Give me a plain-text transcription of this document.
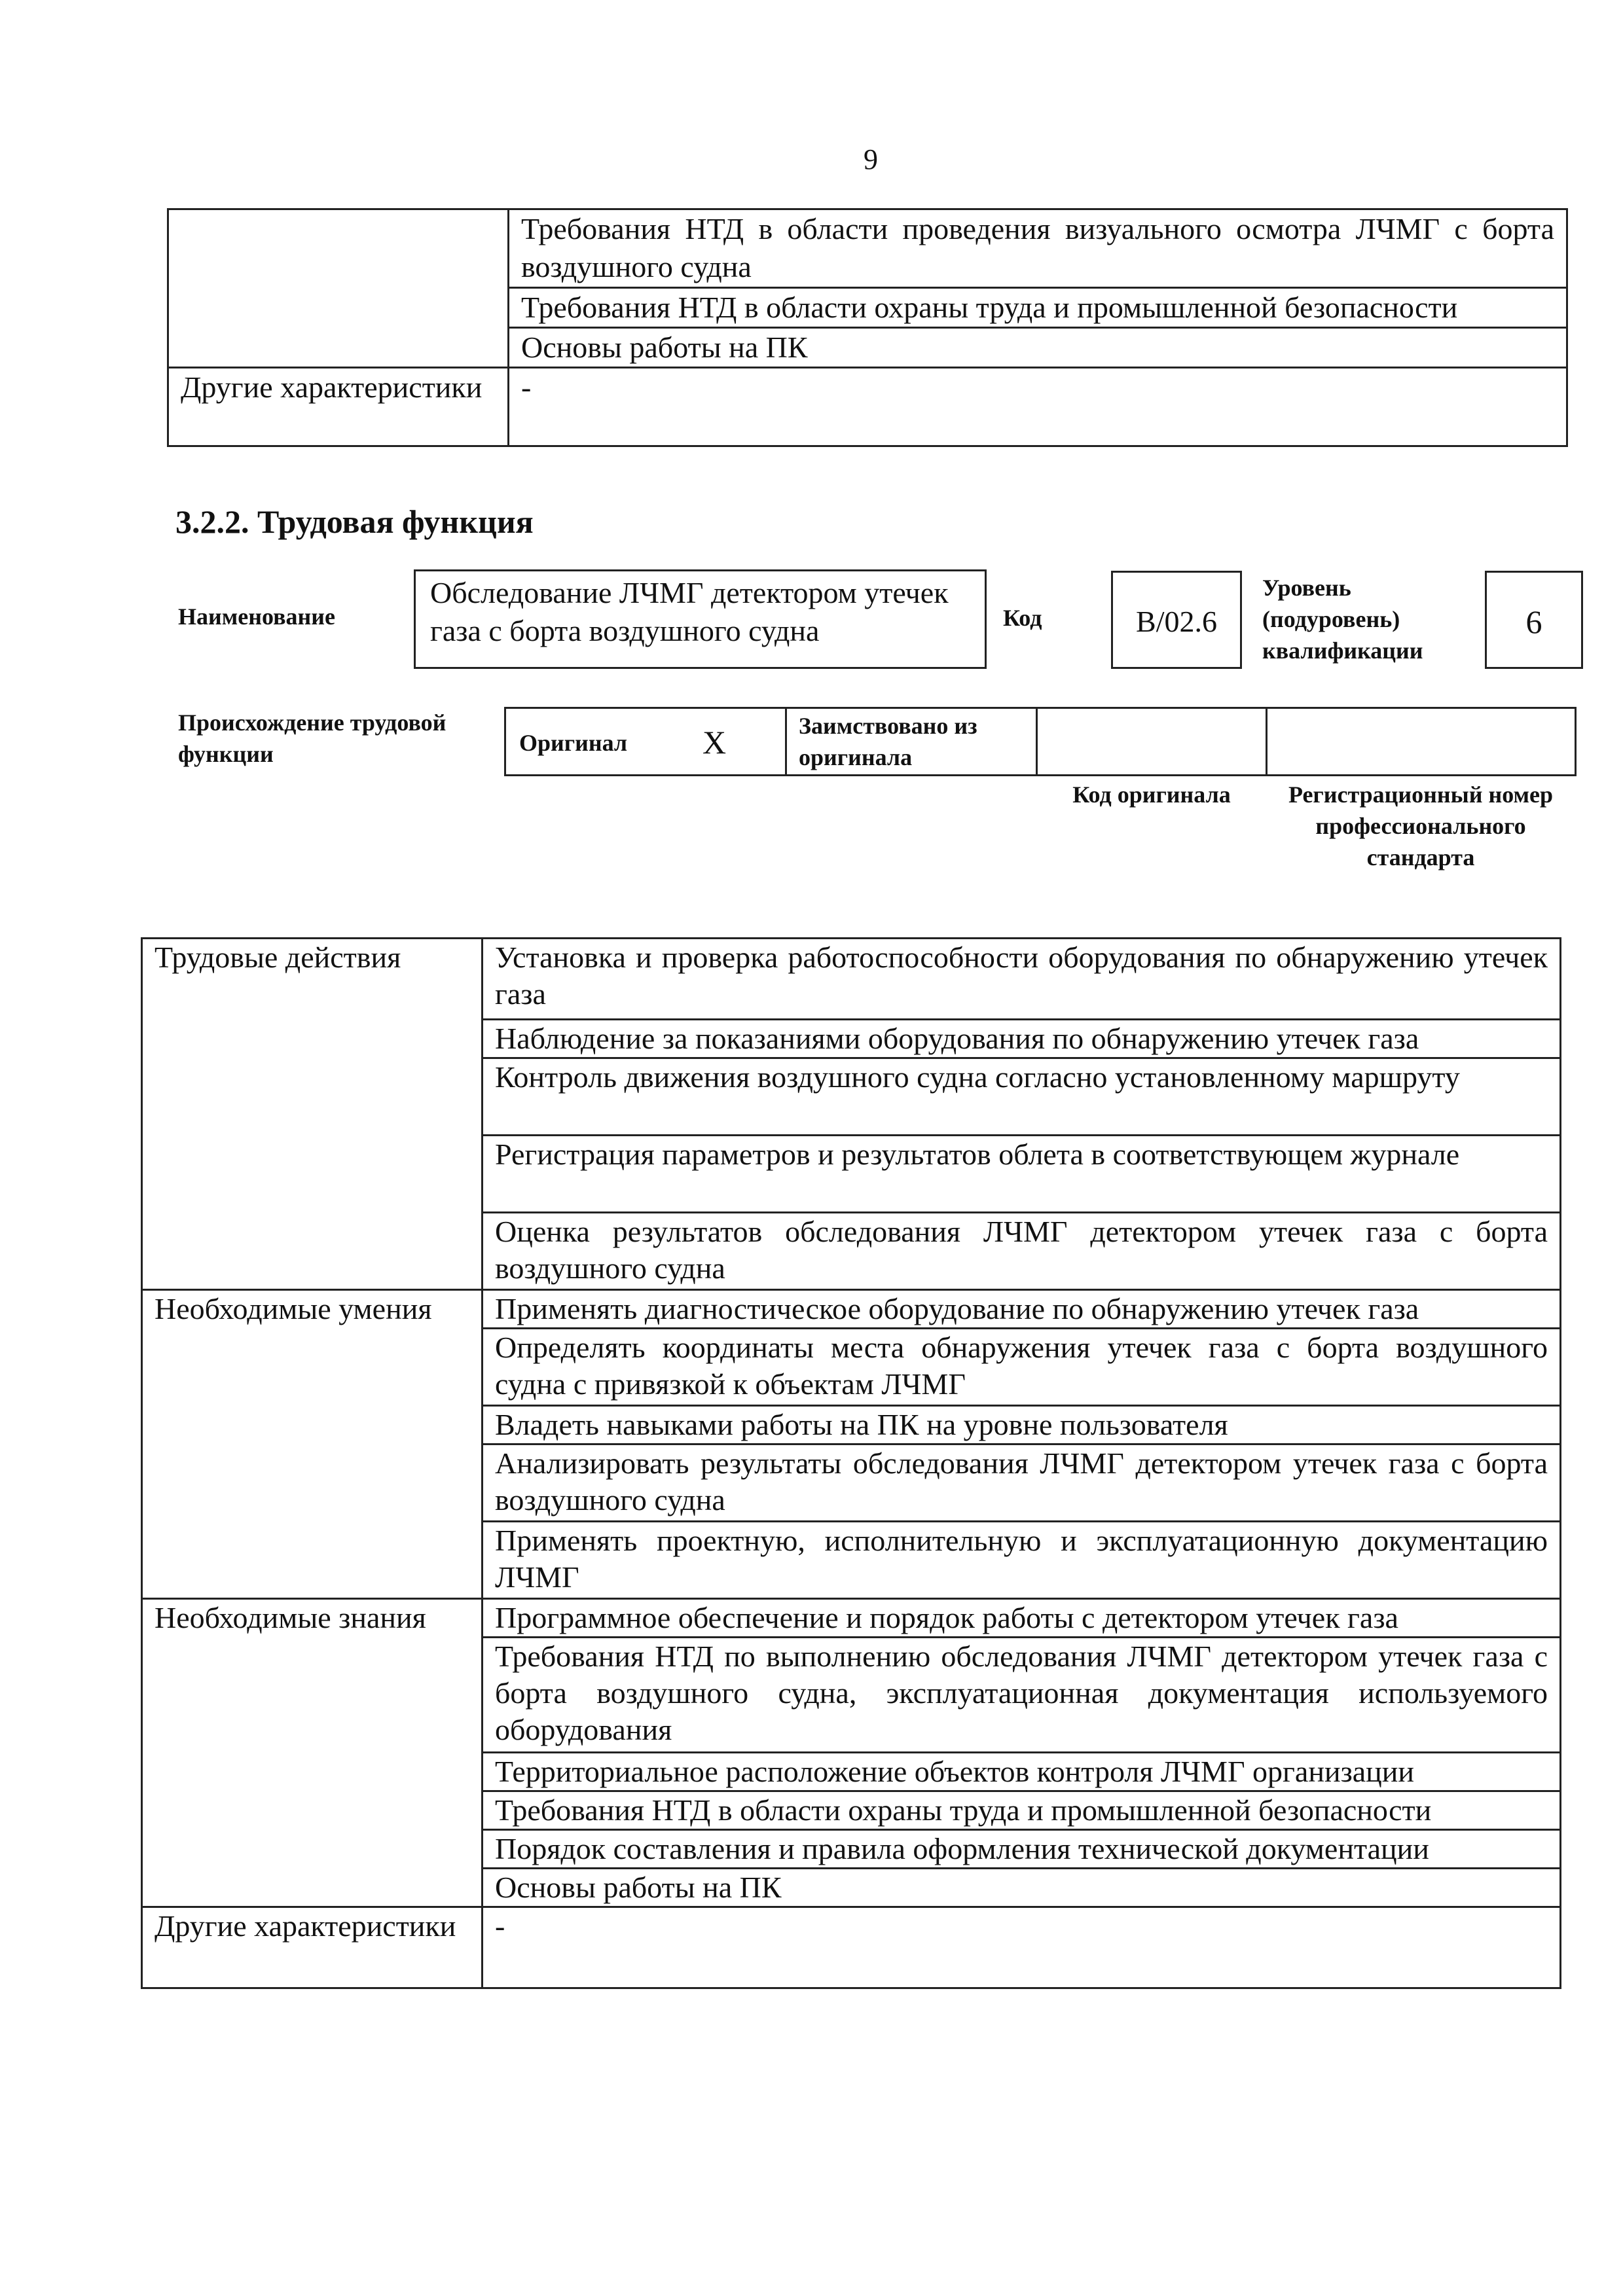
9
	Требования НТД в области проведения визуального осмотра ЛЧМГ с борта воздушного судна
	Требования НТД в области охраны труда и промышленной безопасности
	Основы работы на ПК
Другие характеристики	-
3.2.2. Трудовая функция
Наименование
Обследование ЛЧМГ детектором утечек газа с борта воздушного судна	Код	B/02.6
Уровень (подуровень) квалификации
6
Происхождение трудовой функции	Оригинал X	Заимствовано из оригинала
Код оригинала	Регистрационный номер профессионального стандарта
Трудовые действия	Установка и проверка работоспособности оборудования по обнаружению утечек газа
	Наблюдение за показаниями оборудования по обнаружению утечек газа
	Контроль движения воздушного судна согласно установленному маршруту
	Регистрация параметров и результатов облета в соответствующем журнале
	Оценка результатов обследования ЛЧМГ детектором утечек газа с борта воздушного судна
Необходимые умения	Применять диагностическое оборудование по обнаружению утечек газа
	Определять координаты места обнаружения утечек газа с борта воздушного судна с привязкой к объектам ЛЧМГ
	Владеть навыками работы на ПК на уровне пользователя
	Анализировать результаты обследования ЛЧМГ детектором утечек газа с борта воздушного судна
	Применять проектную, исполнительную и эксплуатационную документацию ЛЧМГ
Необходимые знания	Программное обеспечение и порядок работы с детектором утечек газа
	Требования НТД по выполнению обследования ЛЧМГ детектором утечек газа с борта воздушного судна, эксплуатационная документация используемого оборудования
	Территориальное расположение объектов контроля ЛЧМГ организации
	Требования НТД в области охраны труда и промышленной безопасности
	Порядок составления и правила оформления технической документации
	Основы работы на ПК
Другие характеристики	-
